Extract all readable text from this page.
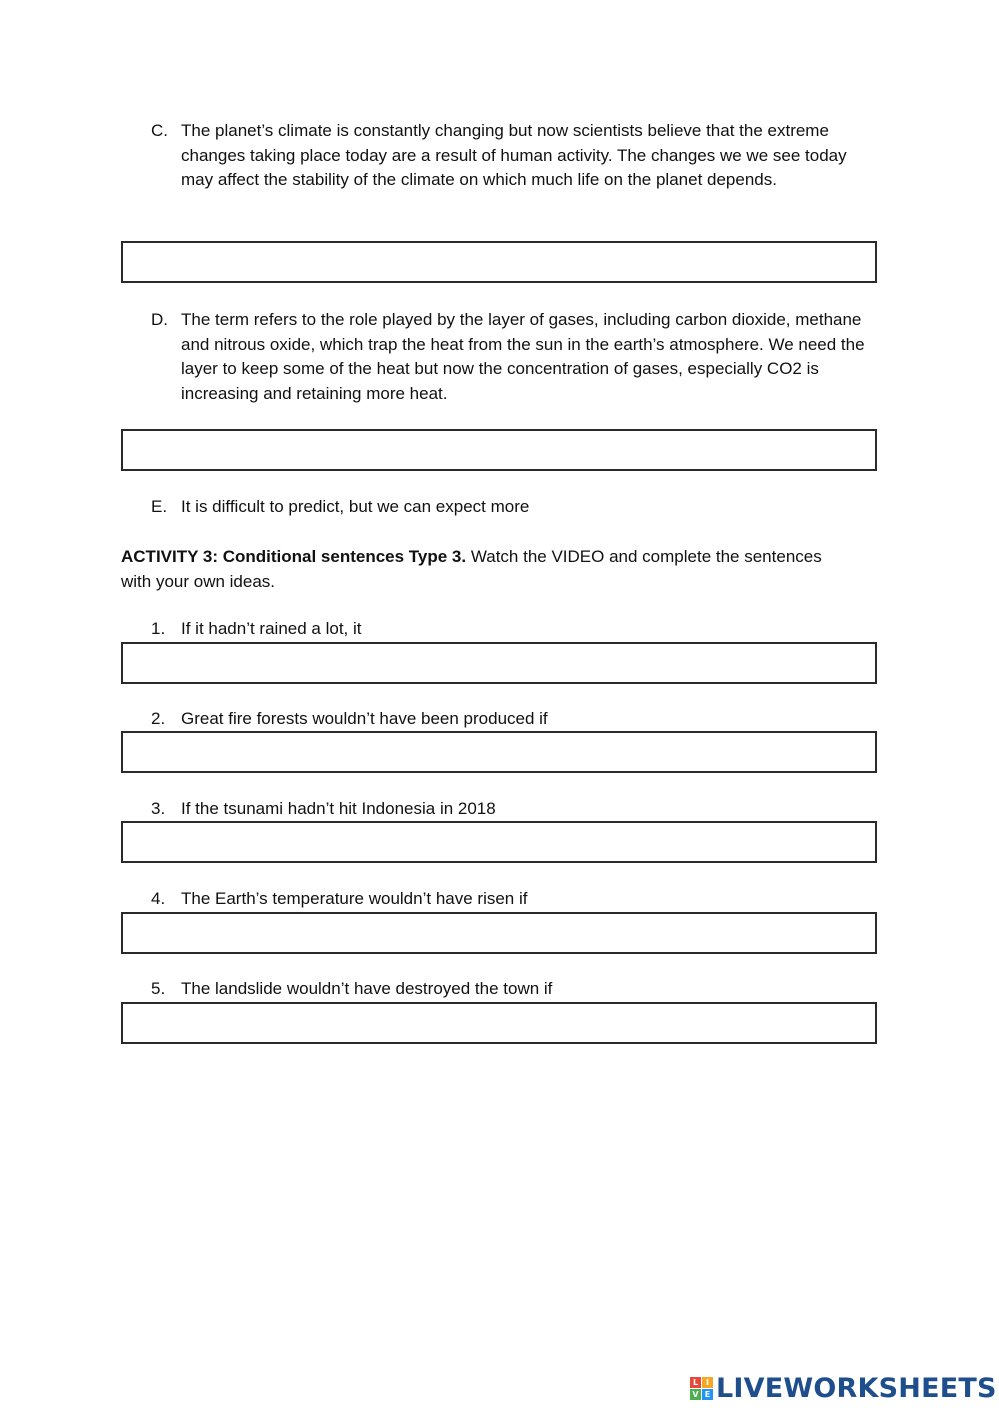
C. The planet’s climate is constantly changing but now scientists believe that the extreme changes taking place today are a result of human activity. The changes we we see today may affect the stability of the climate on which much life on the planet depends.
D. The term refers to the role played by the layer of gases, including carbon dioxide, methane and nitrous oxide, which trap the heat from the sun in the earth’s atmosphere. We need the layer to keep some of the heat but now the concentration of gases, especially CO2 is increasing and retaining more heat.
E. It is difficult to predict, but we can expect more
ACTIVITY 3: Conditional sentences Type 3. Watch the VIDEO and complete the sentences with your own ideas.
1. If it hadn’t rained a lot, it
2. Great fire forests wouldn’t have been produced if
3. If the tsunami hadn’t hit Indonesia in 2018
4. The Earth’s temperature wouldn’t have risen if
5. The landslide wouldn’t have destroyed the town if
L I
V E LIVEWORKSHEETS
